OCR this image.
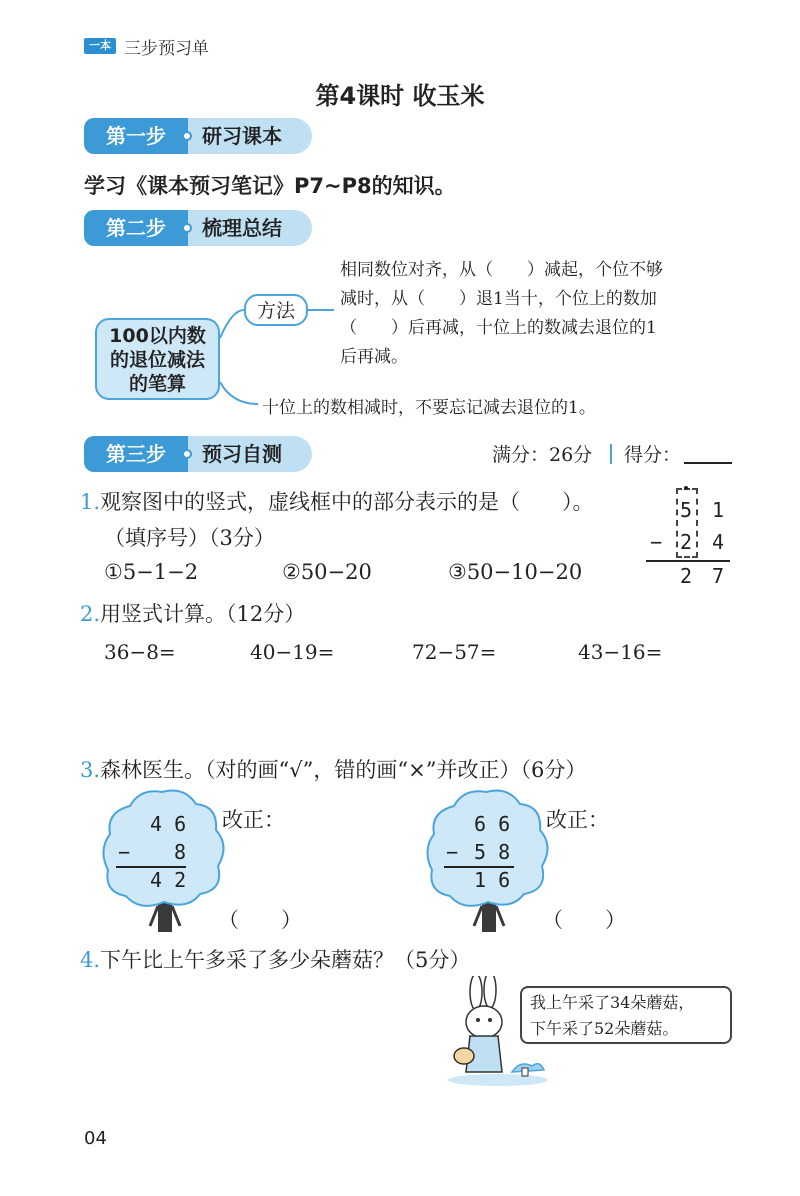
一本 三步预习单
第4课时 收玉米
第一步	研习课本
学习《课本预习笔记》P7~P8的知识。
第二步	梳理总结
100以内数
的退位减法
的笔算
方法
相同数位对齐，从（　　）减起，个位不够
减时，从（　　）退1当十，个位上的数加
（　　）后再减，十位上的数减去退位的1
后再减。
十位上的数相减时，不要忘记减去退位的1。
第三步	预习自测	满分：26分 得分：
1.观察图中的竖式，虚线框中的部分表示的是（　　）。
（填序号）（3分）
①5−1−2	②50−20	③50−10−20
5 1
− 2 4
2 7
2.用竖式计算。（12分）
36−8=	40−19=	72−57=	43−16=
3.森林医生。（对的画“√”，错的画“×”并改正）（6分）
4 6
− 8
4 2
改正：
（　　）
6 6
− 5 8
1 6
改正：
（　　）
4.下午比上午多采了多少朵蘑菇？（5分）
我上午采了34朵蘑菇，
下午采了52朵蘑菇。
04
